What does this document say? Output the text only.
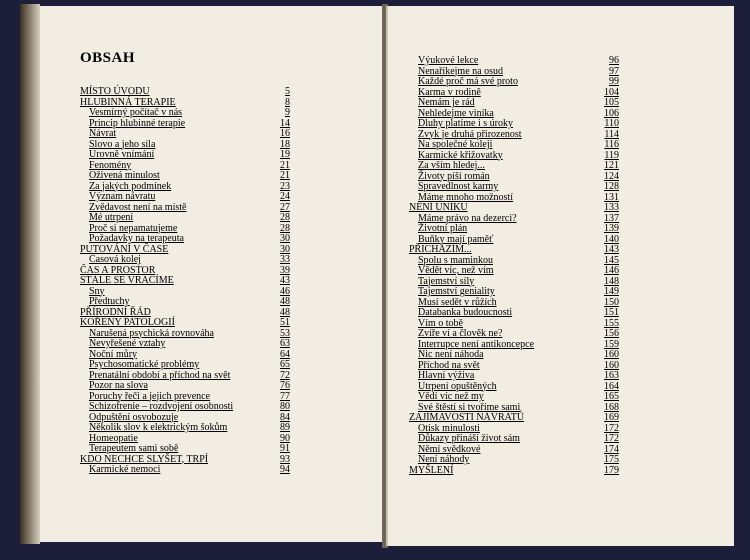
OBSAH
MÍSTO ÚVODU	5
HLUBINNÁ TERAPIE	8
Vesmírný počítač v nás	9
Princip hlubinné terapie	14
Návrat	16
Slovo a jeho síla	18
Úrovně vnímání	19
Fenomény	21
Oživená minulost	21
Za jakých podmínek	23
Význam návratu	24
Zvědavost není na místě	27
Mé utrpení	28
Proč si nepamatujeme	28
Požadavky na terapeuta	30
PUTOVÁNÍ V ČASE	30
Časová kolej	33
ČAS A PROSTOR	39
STÁLE SE VRACÍME	43
Sny	46
Předtuchy	48
PŘÍRODNÍ ŘÁD	48
KOŘENY PATOLOGIÍ	51
Narušená psychická rovnováha	53
Nevyřešené vztahy	63
Noční můry	64
Psychosomatické problémy	65
Prenatální období a příchod na svět	72
Pozor na slova	76
Poruchy řeči a jejich prevence	77
Schizofrenie – rozdvojení osobnosti	80
Odpuštění osvobozuje	84
Několik slov k elektrickým šokům	89
Homeopatie	90
Terapeutem sami sobě	91
KDO NECHCE SLYŠET, TRPÍ	93
Karmické nemoci	94
Výukové lekce	96
Nenaříkejme na osud	97
Každé proč má své proto	99
Karma v rodině	104
Nemám je rád	105
Nehledejme viníka	106
Dluhy platíme i s úroky	110
Zvyk je druhá přirozenost	114
Na společné koleji	116
Karmické křižovatky	119
Za vším hledej...	121
Životy píší román	124
Spravedlnost karmy	128
Máme mnoho možností	131
NENÍ ÚNIKU	133
Máme právo na dezerci?	137
Životní plán	139
Buňky mají paměť	140
PŘICHÁZÍM...	143
Spolu s maminkou	145
Vědět víc, než vím	146
Tajemství síly	148
Tajemství geniality	149
Musí sedět v růžích	150
Databanka budoucnosti	151
Vím o tobě	155
Zvíře ví a člověk ne?	156
Interrupce není antikoncepce	159
Nic není náhoda	160
Příchod na svět	160
Hlavní výživa	163
Utrpení opuštěných	164
Vědí víc než my	165
Své štěstí si tvoříme sami	168
ZAJÍMAVOSTI NÁVRATŮ	169
Otisk minulosti	172
Důkazy přináší život sám	172
Němí svědkové	174
Není náhody	175
MYŠLENÍ	179
